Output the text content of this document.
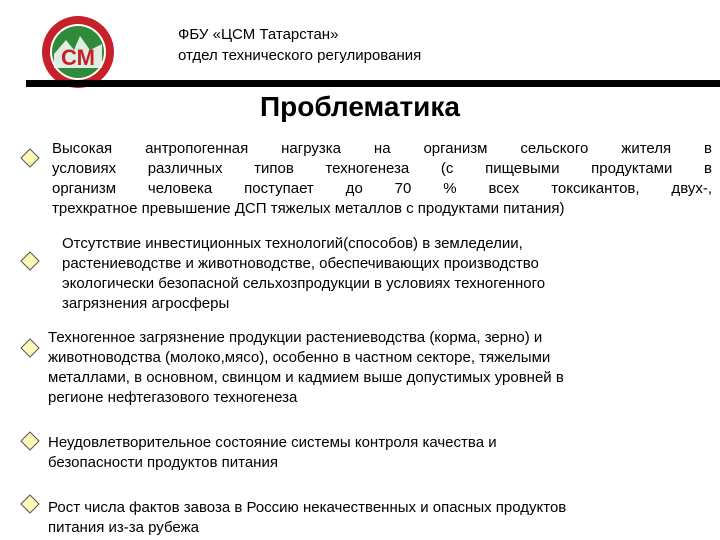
СМ
ФБУ «ЦСМ Татарстан»
отдел технического регулирования
Проблематика
Высокая антропогенная нагрузка на организм сельского жителя в
условиях различных типов техногенеза (с пищевыми продуктами в
организм человека поступает до 70 % всех токсикантов, двух-,
трехкратное превышение ДСП тяжелых металлов с продуктами питания)
Отсутствие инвестиционных технологий(способов) в земледелии,
растениеводстве и животноводстве, обеспечивающих производство
экологически безопасной сельхозпродукции в условиях техногенного
загрязнения агросферы
Техногенное загрязнение продукции растениеводства (корма, зерно) и
животноводства (молоко,мясо), особенно в частном секторе, тяжелыми
металлами, в основном, свинцом и кадмием выше допустимых уровней в
регионе нефтегазового техногенеза
Неудовлетворительное состояние системы контроля качества и
безопасности продуктов питания
Рост числа фактов завоза в Россию некачественных и опасных продуктов
питания из-за рубежа
